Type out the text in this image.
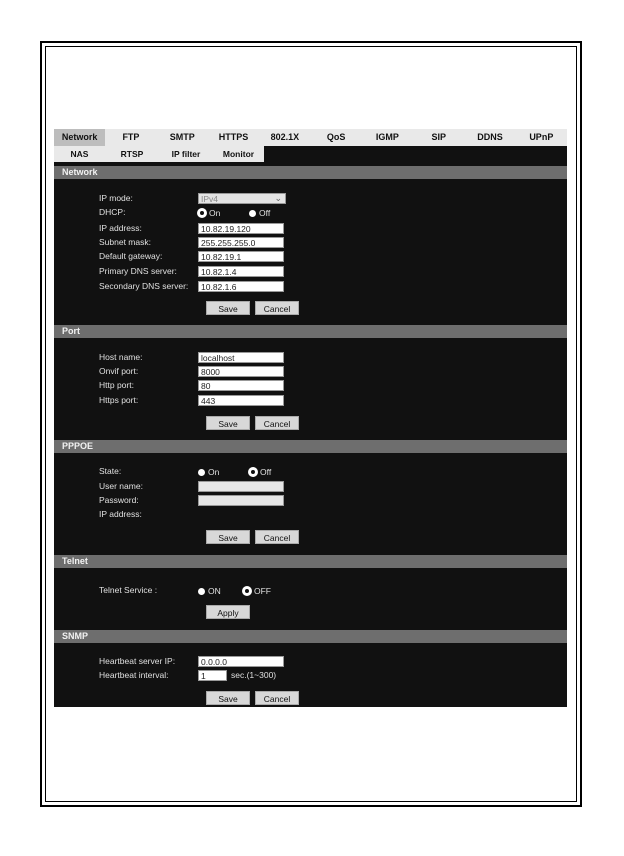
Network	FTP	SMTP	HTTPS	802.1X	QoS	IGMP	SIP	DDNS	UPnP
NAS	RTSP	IP filter	Monitor
Network
IP mode:	IPv4	⌄
DHCP:	On	Off
IP address:	10.82.19.120
Subnet mask:	255.255.255.0
Default gateway:	10.82.19.1
Primary DNS server:	10.82.1.4
Secondary DNS server:	10.82.1.6
Save	Cancel
Port
Host name:	localhost
Onvif port:	8000
Http port:	80
Https port:	443
Save	Cancel
PPPOE
State:	On	Off
User name:
Password:
IP address:
Save	Cancel
Telnet
Telnet Service :	ON	OFF
Apply
SNMP
Heartbeat server IP:	0.0.0.0
Heartbeat interval:	1	sec.(1~300)
Save	Cancel
